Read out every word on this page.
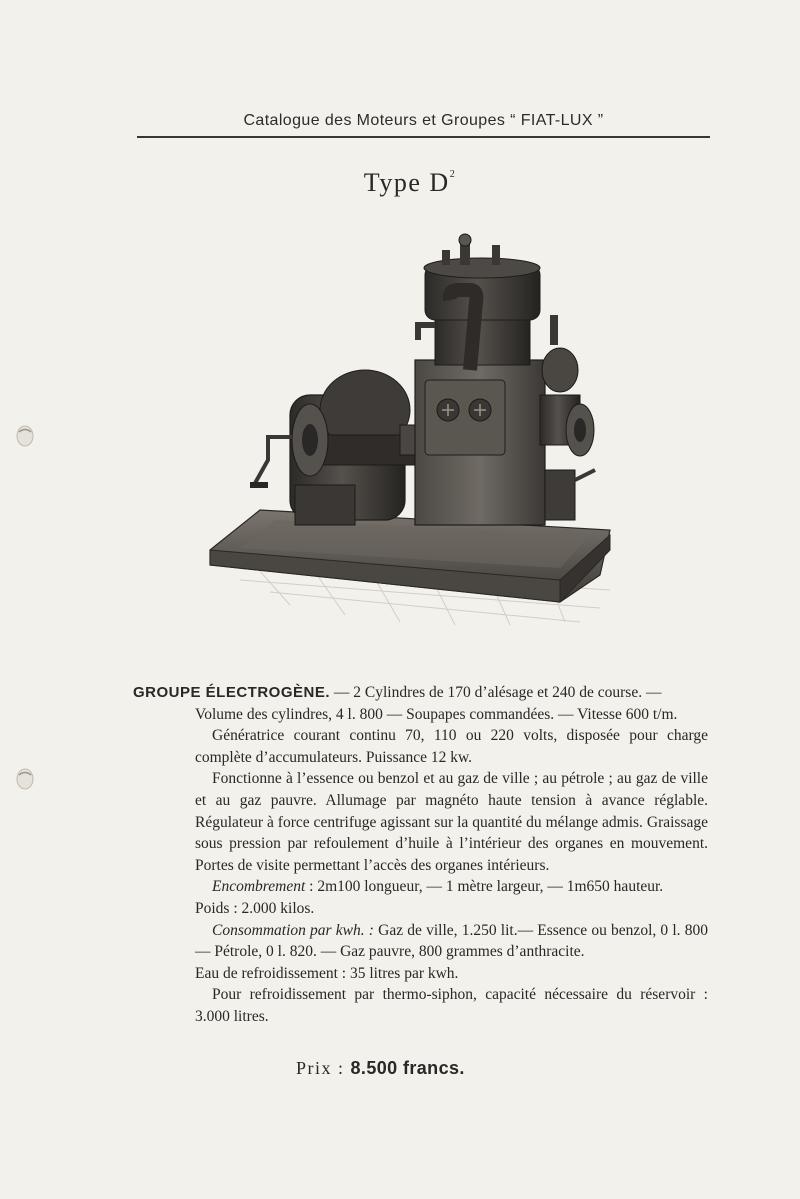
Catalogue des Moteurs et Groupes “ FIAT-LUX ”
Type $D^2$

GROUPE ÉLECTROGÈNE. — 2 Cylindres de 170 d’alésage et 240 de course. —

Volume des cylindres, 4 l. 800 — Soupapes commandées. — Vitesse 600 t/m.

Génératrice courant continu 70, 110 ou 220 volts, disposée pour charge complète d’accumulateurs. Puissance 12 kw.

Fonctionne à l’essence ou benzol et au gaz de ville ; au pétrole ; au gaz de ville et au gaz pauvre. Allumage par magnéto haute tension à avance réglable. Régulateur à force centrifuge agissant sur la quantité du mélange admis. Graissage sous pression par refoulement d’huile à l’intérieur des organes en mouvement. Portes de visite permettant l’accès des organes intérieurs.

Encombrement : 2m100 longueur, — 1 mètre largeur, — 1m650 hauteur.

Poids : 2.000 kilos.

Consommation par kwh. : Gaz de ville, 1.250 lit.— Essence ou benzol, 0 l. 800 — Pétrole, 0 l. 820. — Gaz pauvre, 800 grammes d’anthracite.

Eau de refroidissement : 35 litres par kwh.

Pour refroidissement par thermo-siphon, capacité nécessaire du réservoir : 3.000 litres.

Prix : 8.500 francs.
